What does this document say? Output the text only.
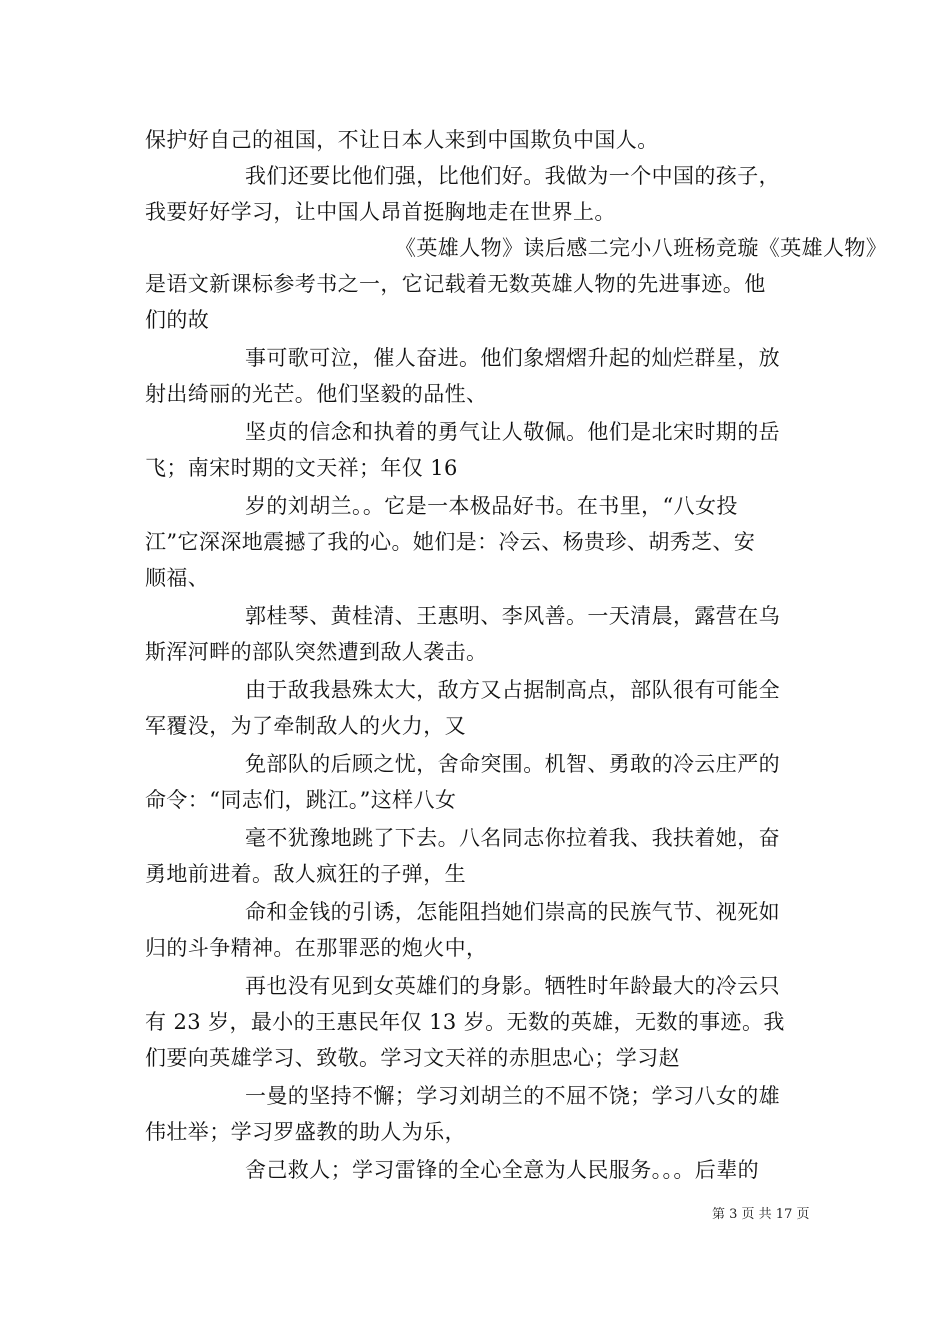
保护好自己的祖国，不让日本人来到中国欺负中国人。
我们还要比他们强，比他们好。我做为一个中国的孩子，
我要好好学习，让中国人昂首挺胸地走在世界上。
《英雄人物》读后感二完小八班杨竞璇《英雄人物》
是语文新课标参考书之一，它记载着无数英雄人物的先进事迹。他
们的故
事可歌可泣，催人奋进。他们象熠熠升起的灿烂群星，放
射出绮丽的光芒。他们坚毅的品性、
坚贞的信念和执着的勇气让人敬佩。他们是北宋时期的岳
飞；南宋时期的文天祥；年仅 16
岁的刘胡兰。。它是一本极品好书。在书里，“八女投
江”它深深地震撼了我的心。她们是：冷云、杨贵珍、胡秀芝、安
顺福、
郭桂琴、黄桂清、王惠明、李风善。一天清晨，露营在乌
斯浑河畔的部队突然遭到敌人袭击。
由于敌我悬殊太大，敌方又占据制高点，部队很有可能全
军覆没，为了牵制敌人的火力，又
免部队的后顾之忧，舍命突围。机智、勇敢的冷云庄严的
命令：“同志们，跳江。”这样八女
毫不犹豫地跳了下去。八名同志你拉着我、我扶着她，奋
勇地前进着。敌人疯狂的子弹，生
命和金钱的引诱，怎能阻挡她们崇高的民族气节、视死如
归的斗争精神。在那罪恶的炮火中，
再也没有见到女英雄们的身影。牺牲时年龄最大的冷云只
有 23 岁，最小的王惠民年仅 13 岁。无数的英雄，无数的事迹。我
们要向英雄学习、致敬。学习文天祥的赤胆忠心；学习赵
一曼的坚持不懈；学习刘胡兰的不屈不饶；学习八女的雄
伟壮举；学习罗盛教的助人为乐，
舍己救人；学习雷锋的全心全意为人民服务。。。后辈的
第 3 页 共 17 页
